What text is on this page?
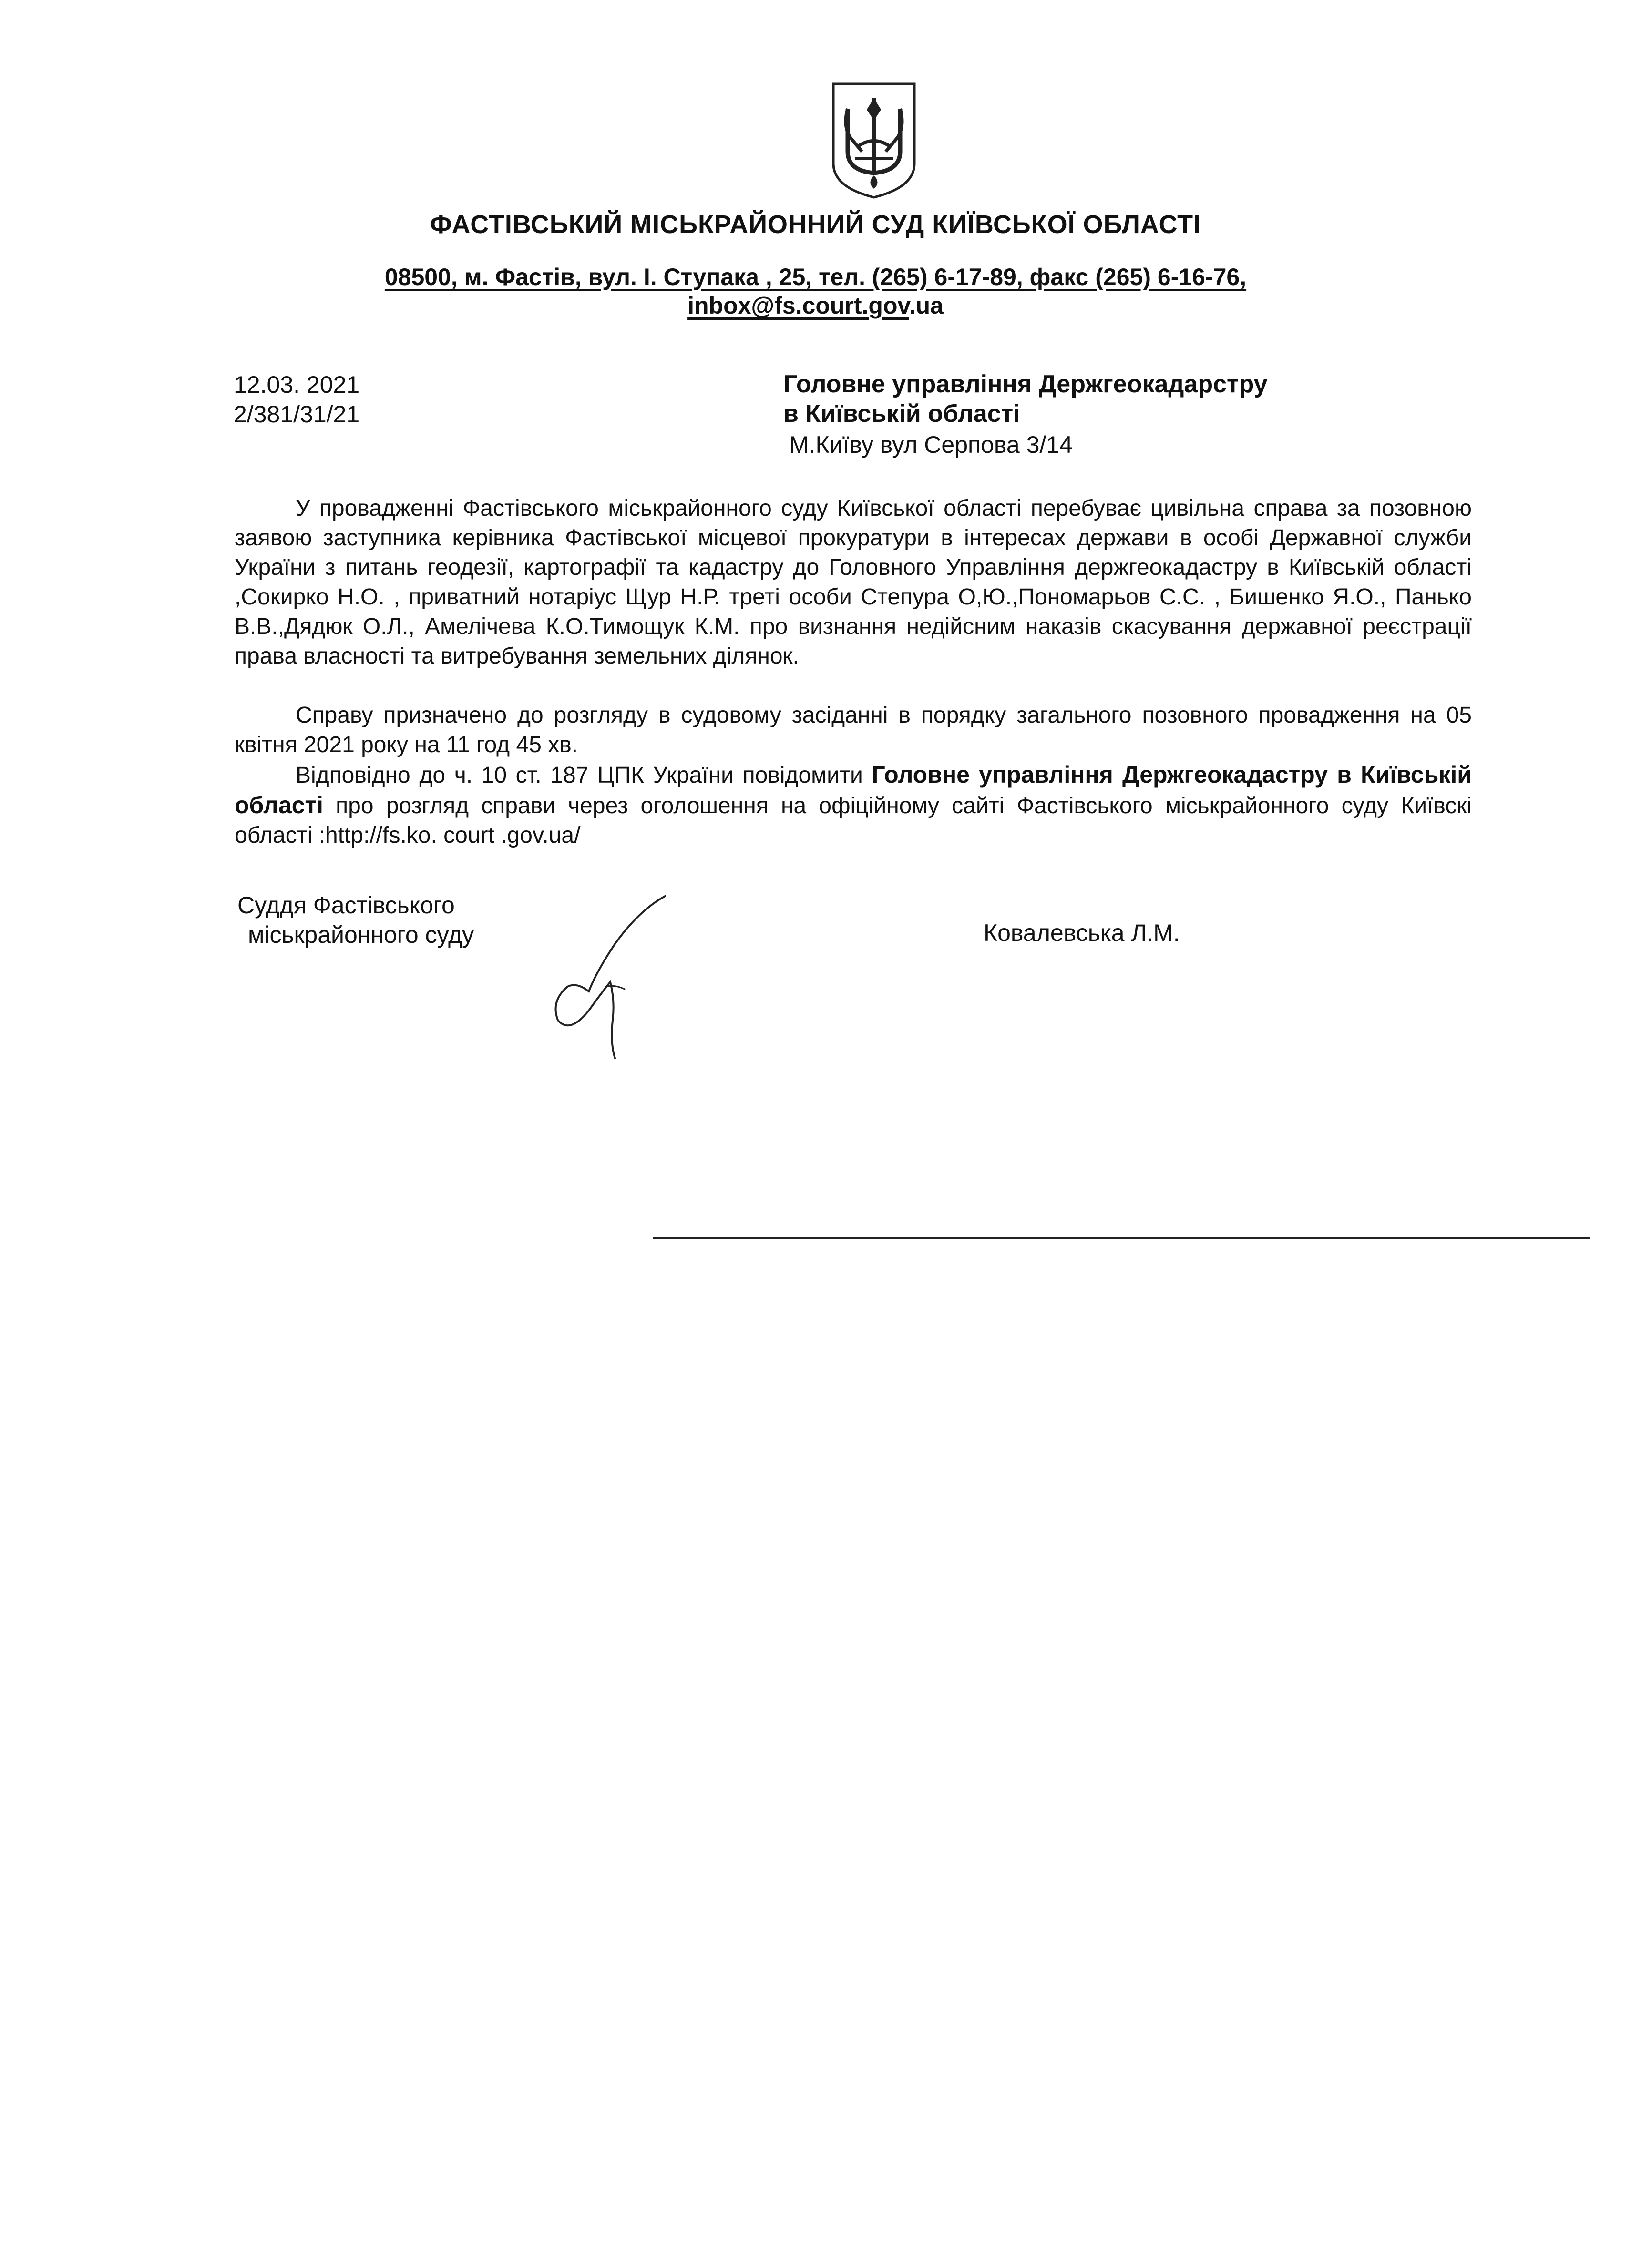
ФАСТІВСЬКИЙ МІСЬКРАЙОННИЙ СУД КИЇВСЬКОЇ ОБЛАСТІ
08500, м. Фастів, вул. І. Ступака , 25, тел. (265) 6-17-89, факс (265) 6-16-76,
inbox@fs.court.gov.ua
12.03. 2021
2/381/31/21
Головне управління Держгеокадарстру
в Київській області
М.Київу вул Серпова 3/14
У провадженні Фастівського міськрайонного суду Київської області перебуває цивільна справа за позовною заявою заступника керівника Фастівської місцевої прокуратури в інтересах держави в особі Державної служби України з питань геодезії, картографії та кадастру до Головного Управління держгеокадастру в Київській області ,Сокирко Н.О. , приватний нотаріус Щур Н.Р. треті особи Степура О,Ю.,Пономарьов С.С. , Бишенко Я.О., Панько В.В.,Дядюк О.Л., Амелічева К.О.Тимощук К.М. про визнання недійсним наказів скасування державної реєстрації права власності та витребування земельних ділянок.
Справу призначено до розгляду в судовому засіданні в порядку загального позовного провадження на 05 квітня 2021 року на 11 год 45 хв.
Відповідно до ч. 10 ст. 187 ЦПК України повідомити Головне управління Держгеокадастру в Київській області про розгляд справи через оголошення на офіційному сайті Фастівського міськрайонного суду Київскі області :http://fs.ko. court .gov.ua/
Суддя Фастівського
міськрайонного суду	Ковалевська Л.М.
